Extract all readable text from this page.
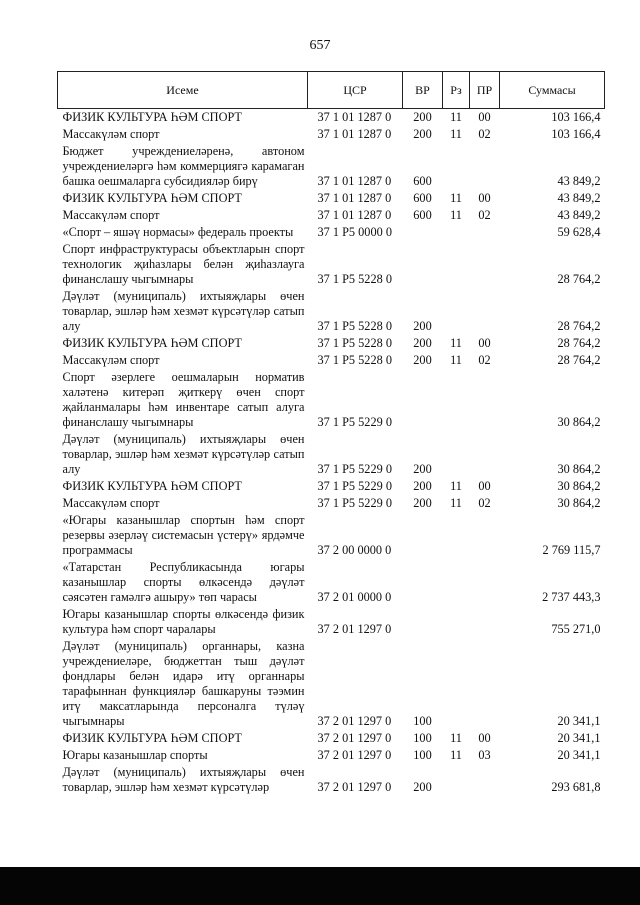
657
Исеме	ЦСР	ВР	Рз	ПР	Суммасы
ФИЗИК КУЛЬТУРА ҺӘМ СПОРТ	37 1 01 1287 0	200	11	00	103 166,4
Массакүләм спорт	37 1 01 1287 0	200	11	02	103 166,4
Бюджет учреждениеләренә, автоном учреждениеләргә һәм коммерциягә карамаган башка оешмаларга субсидияләр бирү	37 1 01 1287 0	600			43 849,2
ФИЗИК КУЛЬТУРА ҺӘМ СПОРТ	37 1 01 1287 0	600	11	00	43 849,2
Массакүләм спорт	37 1 01 1287 0	600	11	02	43 849,2
«Спорт – яшәү нормасы» федераль проекты	37 1 P5 0000 0				59 628,4
Спорт инфраструктурасы объектларын спорт технологик җиһазлары белән җиһазлауга финанслашу чыгымнары	37 1 P5 5228 0				28 764,2
Дәүләт (муниципаль) ихтыяҗлары өчен товарлар, эшләр һәм хезмәт күрсәтүләр сатып алу	37 1 P5 5228 0	200			28 764,2
ФИЗИК КУЛЬТУРА ҺӘМ СПОРТ	37 1 P5 5228 0	200	11	00	28 764,2
Массакүләм спорт	37 1 P5 5228 0	200	11	02	28 764,2
Спорт әзерлеге оешмаларын норматив халәтенә китерәп җиткерү өчен спорт җайланмалары һәм инвентаре сатып алуга финанслашу чыгымнары	37 1 P5 5229 0				30 864,2
Дәүләт (муниципаль) ихтыяҗлары өчен товарлар, эшләр һәм хезмәт күрсәтүләр сатып алу	37 1 P5 5229 0	200			30 864,2
ФИЗИК КУЛЬТУРА ҺӘМ СПОРТ	37 1 P5 5229 0	200	11	00	30 864,2
Массакүләм спорт	37 1 P5 5229 0	200	11	02	30 864,2
«Югары казанышлар спортын һәм спорт резервы әзерләү системасын үстерү» ярдәмче программасы	37 2 00 0000 0				2 769 115,7
«Татарстан Республикасында югары казанышлар спорты өлкәсендә дәүләт сәясәтен гамәлгә ашыру» төп чарасы	37 2 01 0000 0				2 737 443,3
Югары казанышлар спорты өлкәсендә физик культура һәм спорт чаралары	37 2 01 1297 0				755 271,0
Дәүләт (муниципаль) органнары, казна учреждениеләре, бюджеттан тыш дәүләт фондлары белән идарә итү органнары тарафыннан функцияләр башкаруны тәэмин итү максатларында персоналга түләү чыгымнары	37 2 01 1297 0	100			20 341,1
ФИЗИК КУЛЬТУРА ҺӘМ СПОРТ	37 2 01 1297 0	100	11	00	20 341,1
Югары казанышлар спорты	37 2 01 1297 0	100	11	03	20 341,1
Дәүләт (муниципаль) ихтыяҗлары өчен товарлар, эшләр һәм хезмәт күрсәтүләр	37 2 01 1297 0	200			293 681,8
